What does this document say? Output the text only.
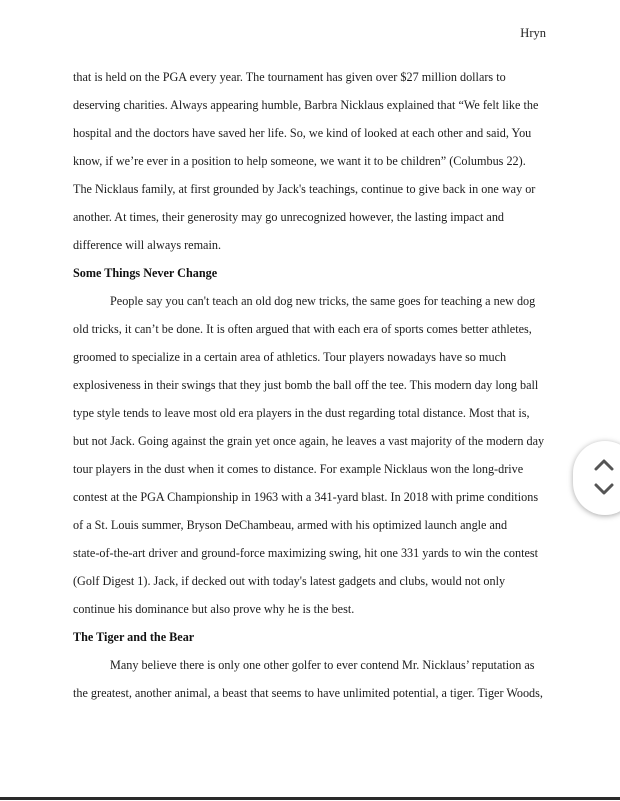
Hryn
that is held on the PGA every year. The tournament has given over $27 million dollars to
deserving charities. Always appearing humble, Barbra Nicklaus explained that “We felt like the
hospital and the doctors have saved her life. So, we kind of looked at each other and said, You
know, if we’re ever in a position to help someone, we want it to be children” (Columbus 22).
The Nicklaus family, at first grounded by Jack's teachings, continue to give back in one way or
another. At times, their generosity may go unrecognized however, the lasting impact and
difference will always remain.
Some Things Never Change
People say you can't teach an old dog new tricks, the same goes for teaching a new dog
old tricks, it can’t be done. It is often argued that with each era of sports comes better athletes,
groomed to specialize in a certain area of athletics. Tour players nowadays have so much
explosiveness in their swings that they just bomb the ball off the tee. This modern day long ball
type style tends to leave most old era players in the dust regarding total distance. Most that is,
but not Jack. Going against the grain yet once again, he leaves a vast majority of the modern day
tour players in the dust when it comes to distance. For example Nicklaus won the long-drive
contest at the PGA Championship in 1963 with a 341-yard blast. In 2018 with prime conditions
of a St. Louis summer, Bryson DeChambeau, armed with his optimized launch angle and
state-of-the-art driver and ground-force maximizing swing, hit one 331 yards to win the contest
(Golf Digest 1). Jack, if decked out with today's latest gadgets and clubs, would not only
continue his dominance but also prove why he is the best.
The Tiger and the Bear
Many believe there is only one other golfer to ever contend Mr. Nicklaus’ reputation as
the greatest, another animal, a beast that seems to have unlimited potential, a tiger. Tiger Woods,
